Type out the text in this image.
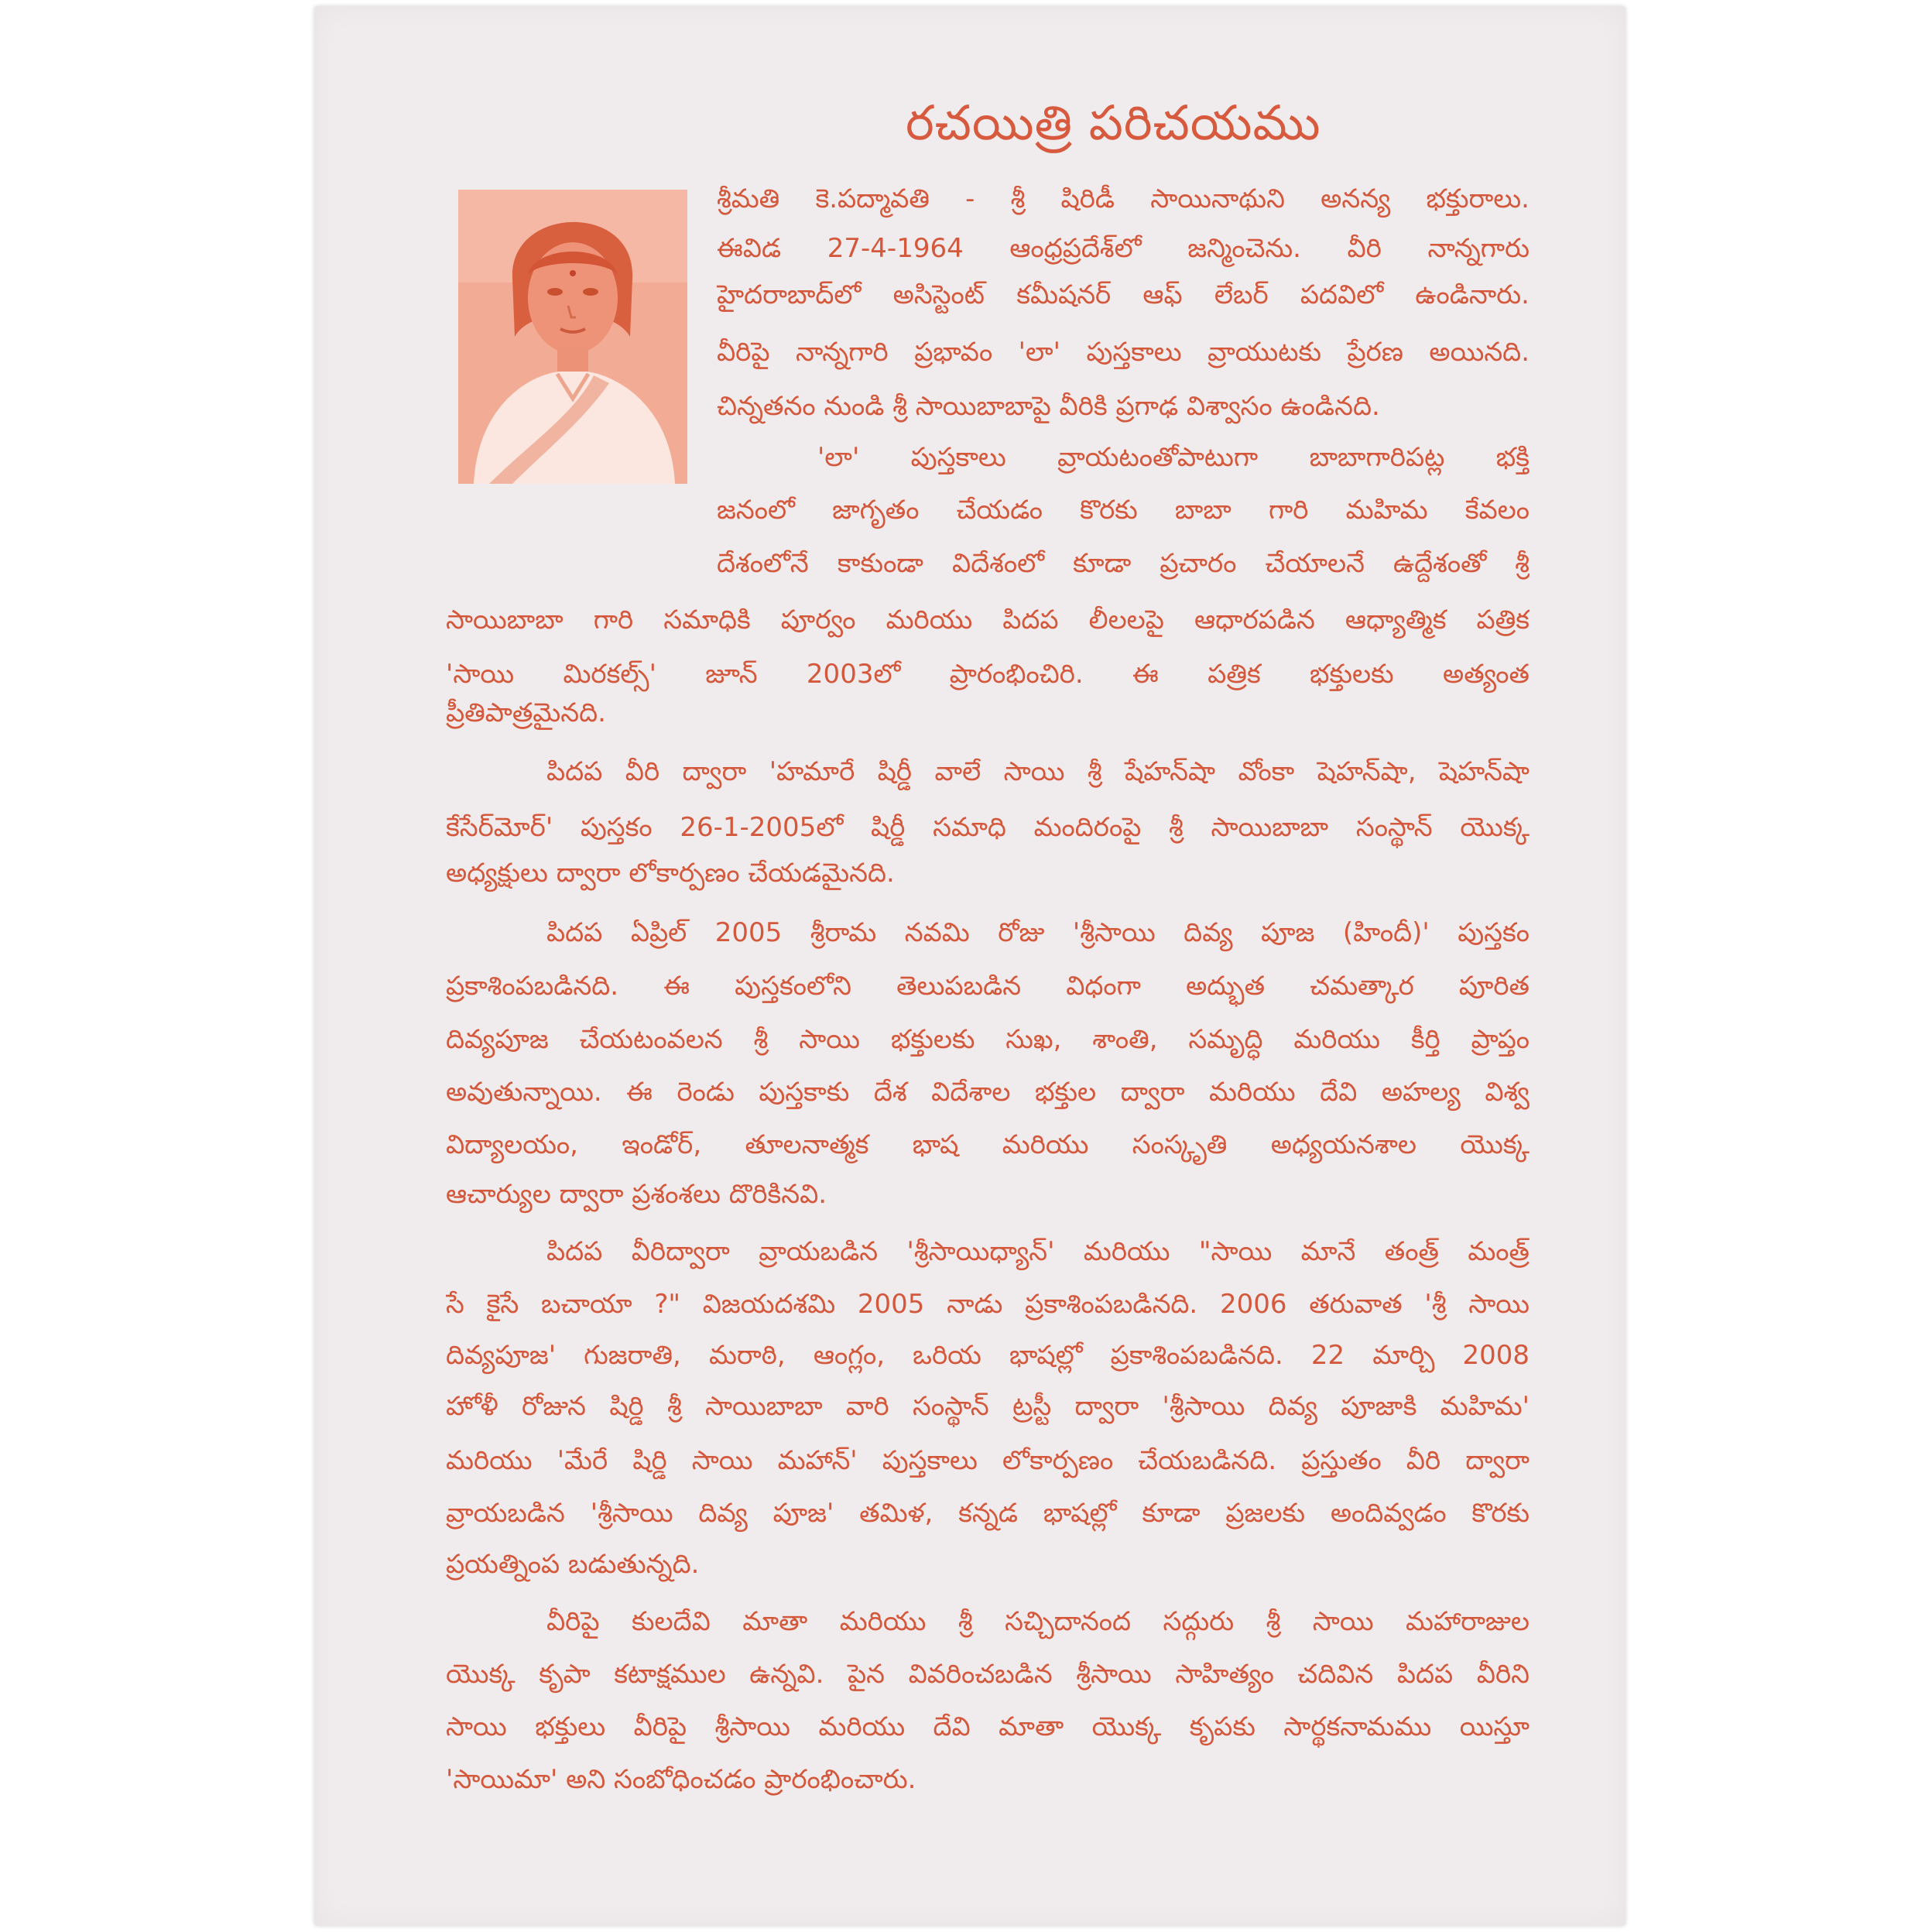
రచయిత్రి పరిచయము
శ్రీమతి కె.పద్మావతి - శ్రీ షిరిడీ సాయినాథుని అనన్య భక్తురాలు.
ఈవిడ 27-4-1964 ఆంధ్రప్రదేశ్‌లో జన్మించెను. వీరి నాన్నగారు
హైదరాబాద్‌లో అసిస్టెంట్ కమీషనర్ ఆఫ్ లేబర్ పదవిలో ఉండినారు.
వీరిపై నాన్నగారి ప్రభావం 'లా' పుస్తకాలు వ్రాయుటకు ప్రేరణ అయినది.
చిన్నతనం నుండి శ్రీ సాయిబాబాపై వీరికి ప్రగాఢ విశ్వాసం ఉండినది.
'లా' పుస్తకాలు వ్రాయటంతోపాటుగా బాబాగారిపట్ల భక్తి
జనంలో జాగృతం చేయడం కొరకు బాబా గారి మహిమ కేవలం
దేశంలోనే కాకుండా విదేశంలో కూడా ప్రచారం చేయాలనే ఉద్దేశంతో శ్రీ
సాయిబాబా గారి సమాధికి పూర్వం మరియు పిదప లీలలపై ఆధారపడిన ఆధ్యాత్మిక పత్రిక
'సాయి మిరకల్స్' జూన్ 2003లో ప్రారంభించిరి. ఈ పత్రిక భక్తులకు అత్యంత
ప్రీతిపాత్రమైనది.
పిదప వీరి ద్వారా 'హమారే షిర్డీ వాలే సాయి శ్రీ షేహన్‌షా వోంకా షెహన్‌షా, షెహన్‌షా
కేసేర్‌మోర్' పుస్తకం 26-1-2005లో షిర్డీ సమాధి మందిరంపై శ్రీ సాయిబాబా సంస్థాన్ యొక్క
అధ్యక్షులు ద్వారా లోకార్పణం చేయడమైనది.
పిదప ఏప్రిల్ 2005 శ్రీరామ నవమి రోజు 'శ్రీసాయి దివ్య పూజ (హిందీ)' పుస్తకం
ప్రకాశింపబడినది. ఈ పుస్తకంలోని తెలుపబడిన విధంగా అద్భుత చమత్కార పూరిత
దివ్యపూజ చేయటంవలన శ్రీ సాయి భక్తులకు సుఖ, శాంతి, సమృద్ధి మరియు కీర్తి ప్రాప్తం
అవుతున్నాయి. ఈ రెండు పుస్తకాకు దేశ విదేశాల భక్తుల ద్వారా మరియు దేవి అహల్య విశ్వ
విద్యాలయం, ఇండోర్, తూలనాత్మక భాష మరియు సంస్కృతి అధ్యయనశాల యొక్క
ఆచార్యుల ద్వారా ప్రశంశలు దొరికినవి.
పిదప వీరిద్వారా వ్రాయబడిన 'శ్రీసాయిధ్యాన్' మరియు "సాయి మానే తంత్ర్ మంత్ర్
సే కైసే బచాయా ?" విజయదశమి 2005 నాడు ప్రకాశింపబడినది. 2006 తరువాత 'శ్రీ సాయి
దివ్యపూజ' గుజరాతి, మరాఠి, ఆంగ్లం, ఒరియ భాషల్లో ప్రకాశింపబడినది. 22 మార్చి 2008
హోళీ రోజున షిర్డి శ్రీ సాయిబాబా వారి సంస్థాన్ ట్రస్టీ ద్వారా 'శ్రీసాయి దివ్య పూజాకి మహిమ'
మరియు 'మేరే షిర్డి సాయి మహాన్' పుస్తకాలు లోకార్పణం చేయబడినది. ప్రస్తుతం వీరి ద్వారా
వ్రాయబడిన 'శ్రీసాయి దివ్య పూజ' తమిళ, కన్నడ భాషల్లో కూడా ప్రజలకు అందివ్వడం కొరకు
ప్రయత్నింప బడుతున్నది.
వీరిపై కులదేవి మాతా మరియు శ్రీ సచ్చిదానంద సద్గురు శ్రీ సాయి మహారాజుల
యొక్క కృపా కటాక్షముల ఉన్నవి. పైన వివరించబడిన శ్రీసాయి సాహిత్యం చదివిన పిదప వీరిని
సాయి భక్తులు వీరిపై శ్రీసాయి మరియు దేవి మాతా యొక్క కృపకు సార్థకనామము యిస్తూ
'సాయిమా' అని సంబోధించడం ప్రారంభించారు.
